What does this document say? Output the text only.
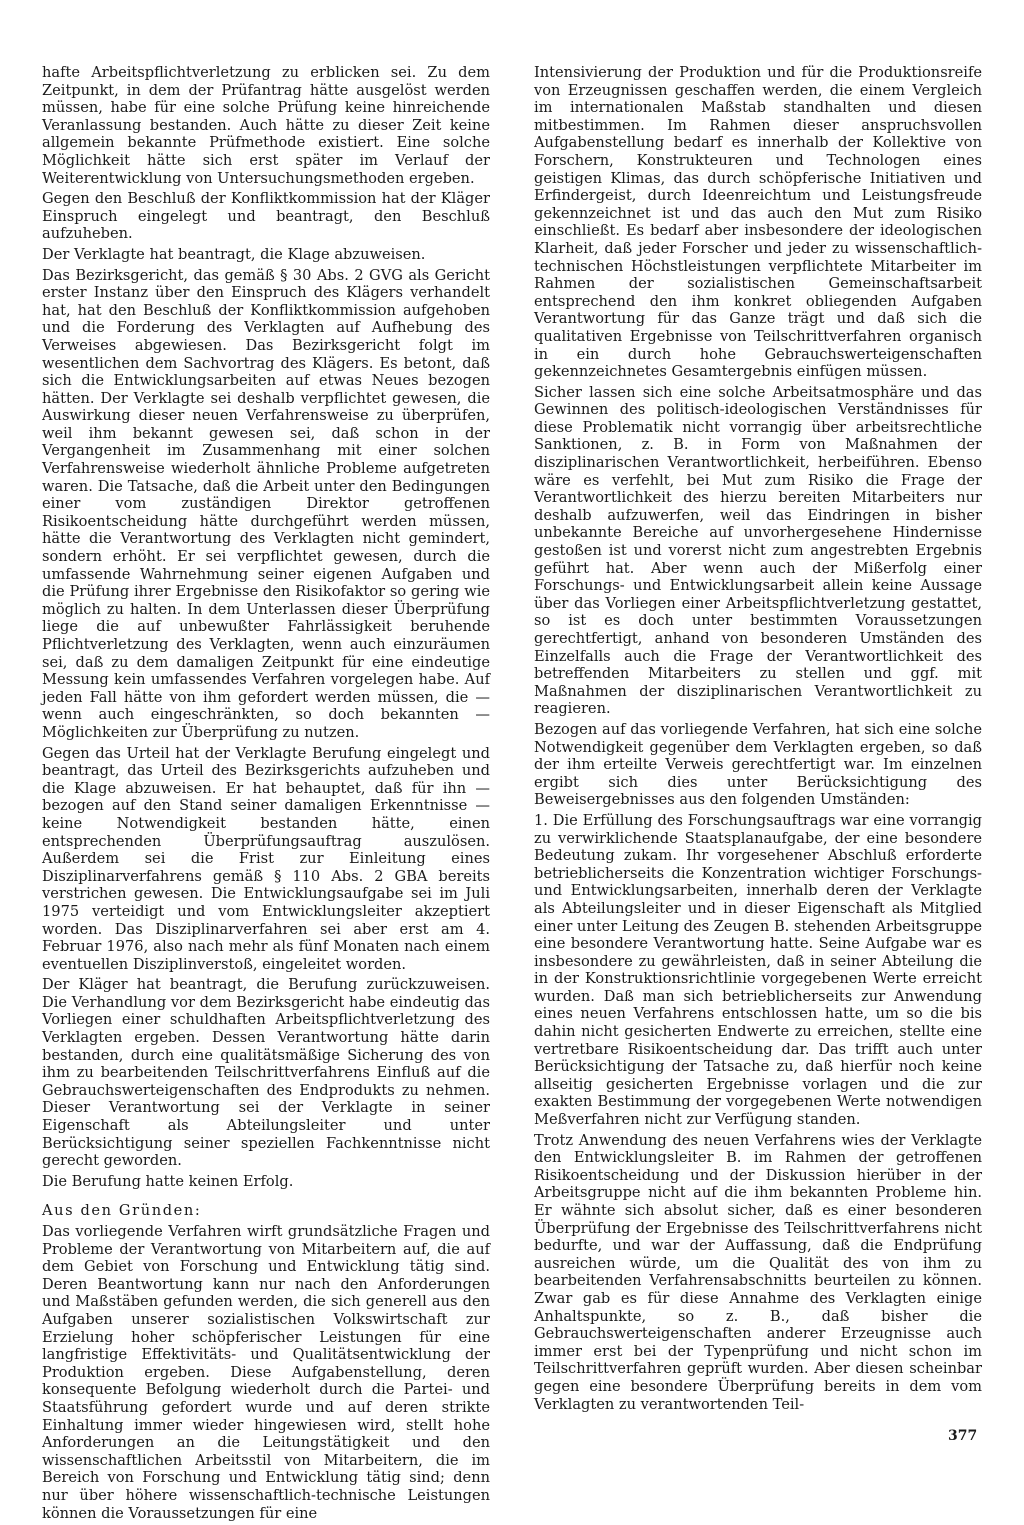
hafte Arbeitspflichtverletzung zu erblicken sei. Zu dem Zeitpunkt, in dem der Prüfantrag hätte ausgelöst werden müssen, habe für eine solche Prüfung keine hinreichende Veranlassung bestanden. Auch hätte zu dieser Zeit keine allgemein bekannte Prüfmethode existiert. Eine solche Möglichkeit hätte sich erst später im Verlauf der Weiterentwicklung von Untersuchungsmethoden ergeben.

Gegen den Beschluß der Konfliktkommission hat der Kläger Einspruch eingelegt und beantragt, den Beschluß aufzuheben.

Der Verklagte hat beantragt, die Klage abzuweisen.

Das Bezirksgericht, das gemäß § 30 Abs. 2 GVG als Gericht erster Instanz über den Einspruch des Klägers verhandelt hat, hat den Beschluß der Konfliktkommission aufgehoben und die Forderung des Verklagten auf Aufhebung des Verweises abgewiesen. Das Bezirksgericht folgt im wesentlichen dem Sachvortrag des Klägers. Es betont, daß sich die Entwicklungsarbeiten auf etwas Neues bezogen hätten. Der Verklagte sei deshalb verpflichtet gewesen, die Auswirkung dieser neuen Verfahrensweise zu überprüfen, weil ihm bekannt gewesen sei, daß schon in der Vergangenheit im Zusammenhang mit einer solchen Verfahrensweise wiederholt ähnliche Probleme aufgetreten waren. Die Tatsache, daß die Arbeit unter den Bedingungen einer vom zuständigen Direktor getroffenen Risikoentscheidung hätte durchgeführt werden müssen, hätte die Verantwortung des Verklagten nicht gemindert, sondern erhöht. Er sei verpflichtet gewesen, durch die umfassende Wahrnehmung seiner eigenen Aufgaben und die Prüfung ihrer Ergebnisse den Risikofaktor so gering wie möglich zu halten. In dem Unterlassen dieser Überprüfung liege die auf unbewußter Fahrlässigkeit beruhende Pflichtverletzung des Verklagten, wenn auch einzuräumen sei, daß zu dem damaligen Zeitpunkt für eine eindeutige Messung kein umfassendes Verfahren vorgelegen habe. Auf jeden Fall hätte von ihm gefordert werden müssen, die — wenn auch eingeschränkten, so doch bekannten — Möglichkeiten zur Überprüfung zu nutzen.

Gegen das Urteil hat der Verklagte Berufung eingelegt und beantragt, das Urteil des Bezirksgerichts aufzuheben und die Klage abzuweisen. Er hat behauptet, daß für ihn — bezogen auf den Stand seiner damaligen Erkenntnisse — keine Notwendigkeit bestanden hätte, einen entsprechenden Überprüfungsauftrag auszulösen. Außerdem sei die Frist zur Einleitung eines Disziplinarverfahrens gemäß § 110 Abs. 2 GBA bereits verstrichen gewesen. Die Entwicklungsaufgabe sei im Juli 1975 verteidigt und vom Entwicklungsleiter akzeptiert worden. Das Disziplinarverfahren sei aber erst am 4. Februar 1976, also nach mehr als fünf Monaten nach einem eventuellen Disziplinverstoß, eingeleitet worden.

Der Kläger hat beantragt, die Berufung zurückzuweisen. Die Verhandlung vor dem Bezirksgericht habe eindeutig das Vorliegen einer schuldhaften Arbeitspflichtverletzung des Verklagten ergeben. Dessen Verantwortung hätte darin bestanden, durch eine qualitätsmäßige Sicherung des von ihm zu bearbeitenden Teilschrittverfahrens Einfluß auf die Gebrauchswerteigenschaften des Endprodukts zu nehmen. Dieser Verantwortung sei der Verklagte in seiner Eigenschaft als Abteilungsleiter und unter Berücksichtigung seiner speziellen Fachkenntnisse nicht gerecht geworden.

Die Berufung hatte keinen Erfolg.

Aus den Gründen:

Das vorliegende Verfahren wirft grundsätzliche Fragen und Probleme der Verantwortung von Mitarbeitern auf, die auf dem Gebiet von Forschung und Entwicklung tätig sind. Deren Beantwortung kann nur nach den Anforderungen und Maßstäben gefunden werden, die sich generell aus den Aufgaben unserer sozialistischen Volkswirtschaft zur Erzielung hoher schöpferischer Leistungen für eine langfristige Effektivitäts- und Qualitätsentwicklung der Produktion ergeben. Diese Aufgabenstellung, deren konsequente Befolgung wiederholt durch die Partei- und Staatsführung gefordert wurde und auf deren strikte Einhaltung immer wieder hingewiesen wird, stellt hohe Anforderungen an die Leitungstätigkeit und den wissenschaftlichen Arbeitsstil von Mitarbeitern, die im Bereich von Forschung und Entwicklung tätig sind; denn nur über höhere wissenschaftlich-technische Leistungen können die Voraussetzungen für eine

Intensivierung der Produktion und für die Produktionsreife von Erzeugnissen geschaffen werden, die einem Vergleich im internationalen Maßstab standhalten und diesen mitbestimmen. Im Rahmen dieser anspruchsvollen Aufgabenstellung bedarf es innerhalb der Kollektive von Forschern, Konstrukteuren und Technologen eines geistigen Klimas, das durch schöpferische Initiativen und Erfindergeist, durch Ideenreichtum und Leistungsfreude gekennzeichnet ist und das auch den Mut zum Risiko einschließt. Es bedarf aber insbesondere der ideologischen Klarheit, daß jeder Forscher und jeder zu wissenschaftlich-technischen Höchstleistungen verpflichtete Mitarbeiter im Rahmen der sozialistischen Gemeinschaftsarbeit entsprechend den ihm konkret obliegenden Aufgaben Verantwortung für das Ganze trägt und daß sich die qualitativen Ergebnisse von Teilschrittverfahren organisch in ein durch hohe Gebrauchswerteigenschaften gekennzeichnetes Gesamtergebnis einfügen müssen.

Sicher lassen sich eine solche Arbeitsatmosphäre und das Gewinnen des politisch-ideologischen Verständnisses für diese Problematik nicht vorrangig über arbeitsrechtliche Sanktionen, z. B. in Form von Maßnahmen der disziplinarischen Verantwortlichkeit, herbeiführen. Ebenso wäre es verfehlt, bei Mut zum Risiko die Frage der Verantwortlichkeit des hierzu bereiten Mitarbeiters nur deshalb aufzuwerfen, weil das Eindringen in bisher unbekannte Bereiche auf unvorhergesehene Hindernisse gestoßen ist und vorerst nicht zum angestrebten Ergebnis geführt hat. Aber wenn auch der Mißerfolg einer Forschungs- und Entwicklungsarbeit allein keine Aussage über das Vorliegen einer Arbeitspflichtverletzung gestattet, so ist es doch unter bestimmten Voraussetzungen gerechtfertigt, anhand von besonderen Umständen des Einzelfalls auch die Frage der Verantwortlichkeit des betreffenden Mitarbeiters zu stellen und ggf. mit Maßnahmen der disziplinarischen Verantwortlichkeit zu reagieren.

Bezogen auf das vorliegende Verfahren, hat sich eine solche Notwendigkeit gegenüber dem Verklagten ergeben, so daß der ihm erteilte Verweis gerechtfertigt war. Im einzelnen ergibt sich dies unter Berücksichtigung des Beweisergebnisses aus den folgenden Umständen:

1. Die Erfüllung des Forschungsauftrags war eine vorrangig zu verwirklichende Staatsplanaufgabe, der eine besondere Bedeutung zukam. Ihr vorgesehener Abschluß erforderte betrieblicherseits die Konzentration wichtiger Forschungs- und Entwicklungsarbeiten, innerhalb deren der Verklagte als Abteilungsleiter und in dieser Eigenschaft als Mitglied einer unter Leitung des Zeugen B. stehenden Arbeitsgruppe eine besondere Verantwortung hatte. Seine Aufgabe war es insbesondere zu gewährleisten, daß in seiner Abteilung die in der Konstruktionsrichtlinie vorgegebenen Werte erreicht wurden. Daß man sich betrieblicherseits zur Anwendung eines neuen Verfahrens entschlossen hatte, um so die bis dahin nicht gesicherten Endwerte zu erreichen, stellte eine vertretbare Risikoentscheidung dar. Das trifft auch unter Berücksichtigung der Tatsache zu, daß hierfür noch keine allseitig gesicherten Ergebnisse vorlagen und die zur exakten Bestimmung der vorgegebenen Werte notwendigen Meßverfahren nicht zur Verfügung standen.

Trotz Anwendung des neuen Verfahrens wies der Verklagte den Entwicklungsleiter B. im Rahmen der getroffenen Risikoentscheidung und der Diskussion hierüber in der Arbeitsgruppe nicht auf die ihm bekannten Probleme hin. Er wähnte sich absolut sicher, daß es einer besonderen Überprüfung der Ergebnisse des Teilschrittverfahrens nicht bedurfte, und war der Auffassung, daß die Endprüfung ausreichen würde, um die Qualität des von ihm zu bearbeitenden Verfahrensabschnitts beurteilen zu können. Zwar gab es für diese Annahme des Verklagten einige Anhaltspunkte, so z. B., daß bisher die Gebrauchswerteigenschaften anderer Erzeugnisse auch immer erst bei der Typenprüfung und nicht schon im Teilschrittverfahren geprüft wurden. Aber diesen scheinbar gegen eine besondere Überprüfung bereits in dem vom Verklagten zu verantwortenden Teil-

377
